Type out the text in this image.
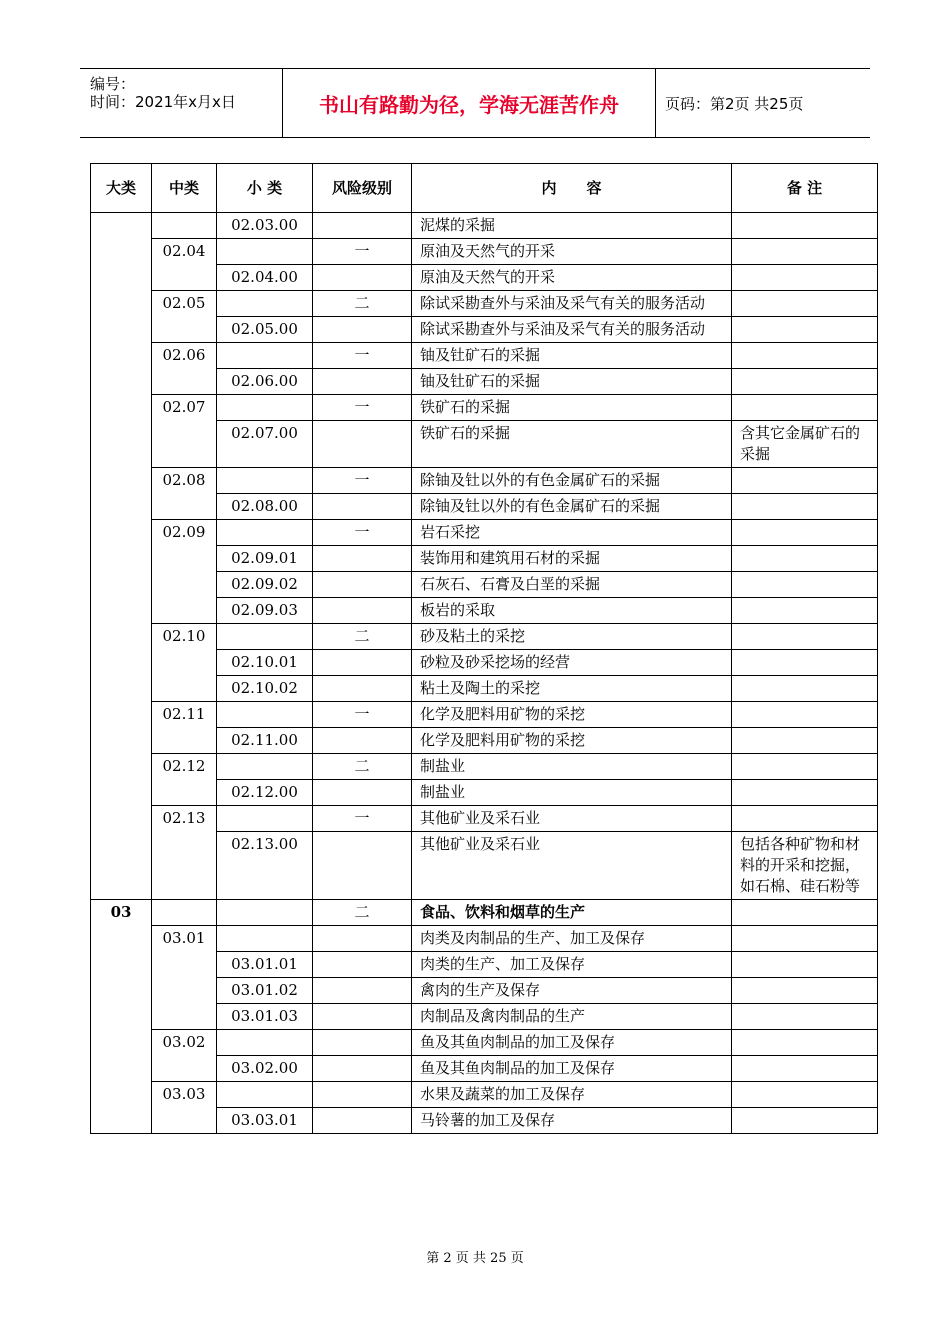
编号：
时间：2021年x月x日	书山有路勤为径，学海无涯苦作舟	页码：第2页 共25页
大类	中类	小 类	风险级别	内　　容	备 注
		02.03.00		泥煤的采掘	
	02.04		一	原油及天然气的开采	
		02.04.00		原油及天然气的开采	
	02.05		二	除试采勘查外与采油及采气有关的服务活动	
		02.05.00		除试采勘查外与采油及采气有关的服务活动	
	02.06		一	铀及钍矿石的采掘	
		02.06.00		铀及钍矿石的采掘	
	02.07		一	铁矿石的采掘	
		02.07.00		铁矿石的采掘	含其它金属矿石的采掘
	02.08		一	除铀及钍以外的有色金属矿石的采掘	
		02.08.00		除铀及钍以外的有色金属矿石的采掘	
	02.09		一	岩石采挖	
		02.09.01		装饰用和建筑用石材的采掘	
		02.09.02		石灰石、石膏及白垩的采掘	
		02.09.03		板岩的采取	
	02.10		二	砂及粘土的采挖	
		02.10.01		砂粒及砂采挖场的经营	
		02.10.02		粘土及陶土的采挖	
	02.11		一	化学及肥料用矿物的采挖	
		02.11.00		化学及肥料用矿物的采挖	
	02.12		二	制盐业	
		02.12.00		制盐业	
	02.13		一	其他矿业及采石业	
		02.13.00		其他矿业及采石业	包括各种矿物和材料的开采和挖掘，如石棉、硅石粉等
03			二	食品、饮料和烟草的生产	
	03.01			肉类及肉制品的生产、加工及保存	
		03.01.01		肉类的生产、加工及保存	
		03.01.02		禽肉的生产及保存	
		03.01.03		肉制品及禽肉制品的生产	
	03.02			鱼及其鱼肉制品的加工及保存	
		03.02.00		鱼及其鱼肉制品的加工及保存	
	03.03			水果及蔬菜的加工及保存	
		03.03.01		马铃薯的加工及保存	
第 2 页 共 25 页
